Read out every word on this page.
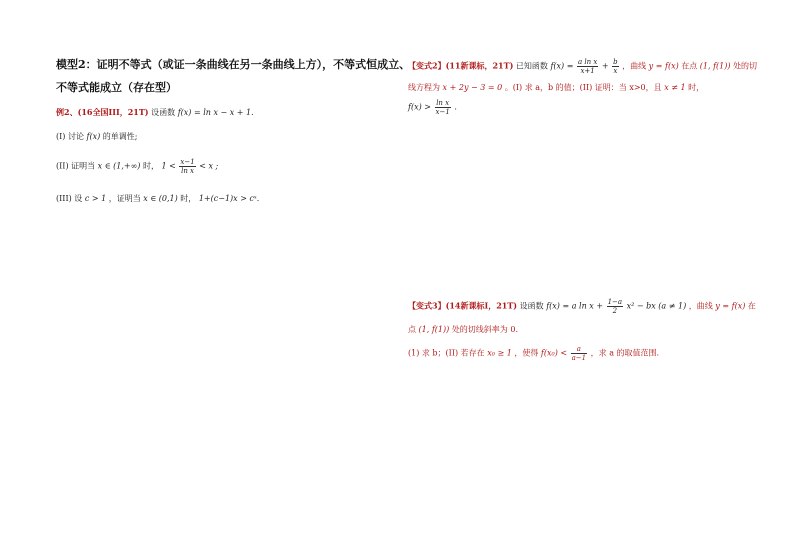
模型2：证明不等式（或证一条曲线在另一条曲线上方），不等式恒成立、
不等式能成立（存在型）
例2、(16全国III，21T) 设函数 f(x) = ln x − x + 1.
(I) 讨论 f(x) 的单调性;
(II) 证明当 x ∈ (1,+∞) 时， $1 < \frac{x-1}{\text{ln x}} < x$ ;
(III) 设 c > 1 ，证明当 x ∈ (0,1) 时， 1+(c−1)x > cˣ.
【变式2】(11新课标，21T) 已知函数 $f(x) = \frac{\text{a ln x}}{x+1} + \frac{b}{x}$ ，曲线 y = f(x) 在点 (1, f(1)) 处的切
线方程为 x + 2y − 3 = 0 。(I) 求 a，b 的值；(II) 证明：当 x>0，且 x ≠ 1 时，
$f(x) > \frac{\text{ln x}}{x-1}$ .
【变式3】(14新课标I，21T) 设函数 f(x) = a $\ln x + \frac{1-a}{2} x^2$ − bx (a ≠ 1) ，曲线 y = f(x) 在
点 (1, f(1)) 处的切线斜率为 0.
(1) 求 b；(II) 若存在 x₀ ≥ 1 ，使得 $f(x_0) < \frac{a}{a-1}$ ，求 a 的取值范围.
